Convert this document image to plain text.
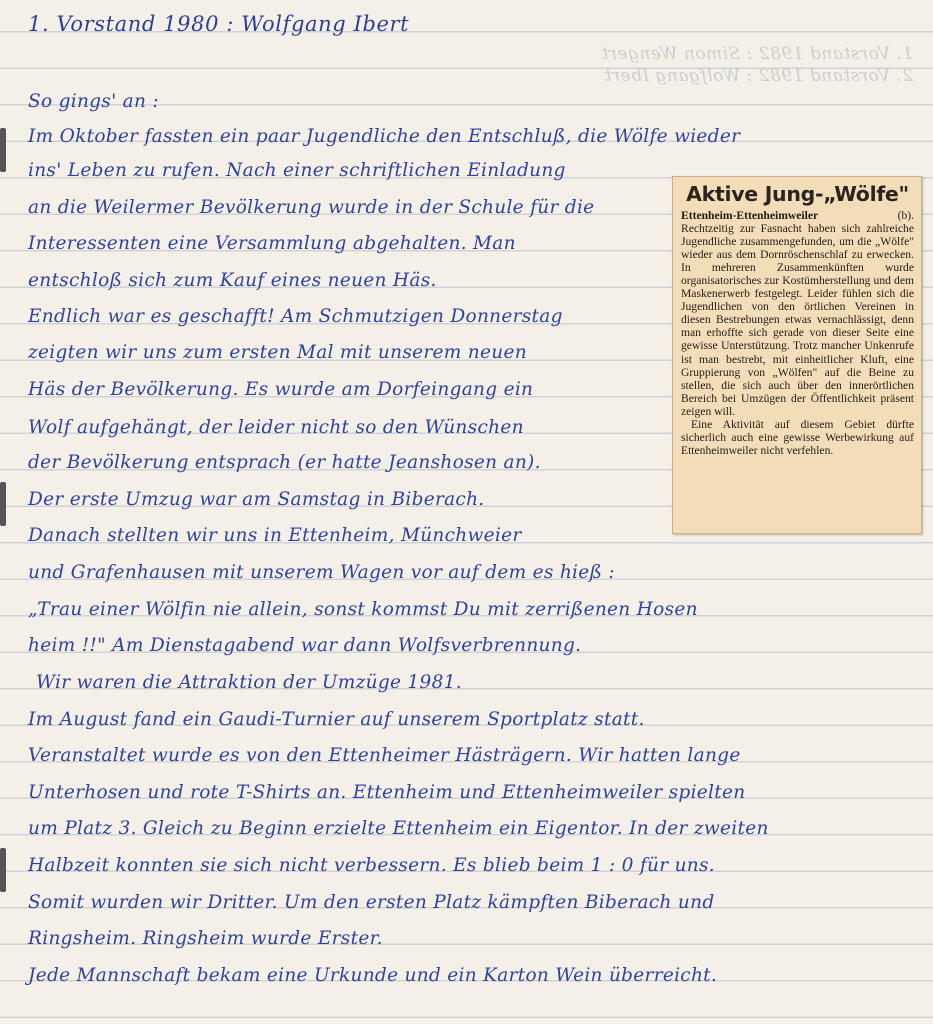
1. Vorstand 1982 : Simon Wengert
2. Vorstand 1982 : Wolfgang Ibert
1. Vorstand 1980 : Wolfgang Ibert
So gings' an :
Im Oktober fassten ein paar Jugendliche den Entschluß, die Wölfe wieder
ins' Leben zu rufen. Nach einer schriftlichen Einladung
an die Weilermer Bevölkerung wurde in der Schule für die
Interessenten eine Versammlung abgehalten. Man
entschloß sich zum Kauf eines neuen Häs.
Endlich war es geschafft! Am Schmutzigen Donnerstag
zeigten wir uns zum ersten Mal mit unserem neuen
Häs der Bevölkerung. Es wurde am Dorfeingang ein
Wolf aufgehängt, der leider nicht so den Wünschen
der Bevölkerung entsprach (er hatte Jeanshosen an).
Der erste Umzug war am Samstag in Biberach.
Danach stellten wir uns in Ettenheim, Münchweier
und Grafenhausen mit unserem Wagen vor auf dem es hieß :
„Trau einer Wölfin nie allein, sonst kommst Du mit zerrißenen Hosen
heim !!" Am Dienstagabend war dann Wolfsverbrennung.
Wir waren die Attraktion der Umzüge 1981.
Im August fand ein Gaudi-Turnier auf unserem Sportplatz statt.
Veranstaltet wurde es von den Ettenheimer Hästrägern. Wir hatten lange
Unterhosen und rote T-Shirts an. Ettenheim und Ettenheimweiler spielten
um Platz 3. Gleich zu Beginn erzielte Ettenheim ein Eigentor. In der zweiten
Halbzeit konnten sie sich nicht verbessern. Es blieb beim 1 : 0 für uns.
Somit wurden wir Dritter. Um den ersten Platz kämpften Biberach und
Ringsheim. Ringsheim wurde Erster.
Jede Mannschaft bekam eine Urkunde und ein Karton Wein überreicht.
Aktive Jung-„Wölfe"
Ettenheim-Ettenheimweiler	(b).

Rechtzeitig zur Fasnacht haben sich zahlreiche Jugendliche zusammengefunden, um die „Wölfe" wieder aus dem Dornröschenschlaf zu erwecken. In mehreren Zusammenkünften wurde organisatorisches zur Kostümherstellung und dem Maskenerwerb festgelegt. Leider fühlen sich die Jugendlichen von den örtlichen Vereinen in diesen Bestrebungen etwas vernachlässigt, denn man erhoffte sich gerade von dieser Seite eine gewisse Unterstützung. Trotz mancher Unkenrufe ist man bestrebt, mit einheitlicher Kluft, eine Gruppierung von „Wölfen" auf die Beine zu stellen, die sich auch über den innerörtlichen Bereich bei Umzügen der Öffentlichkeit präsent zeigen will.

Eine Aktivität auf diesem Gebiet dürfte sicherlich auch eine gewisse Werbewirkung auf Ettenheimweiler nicht verfehlen.
